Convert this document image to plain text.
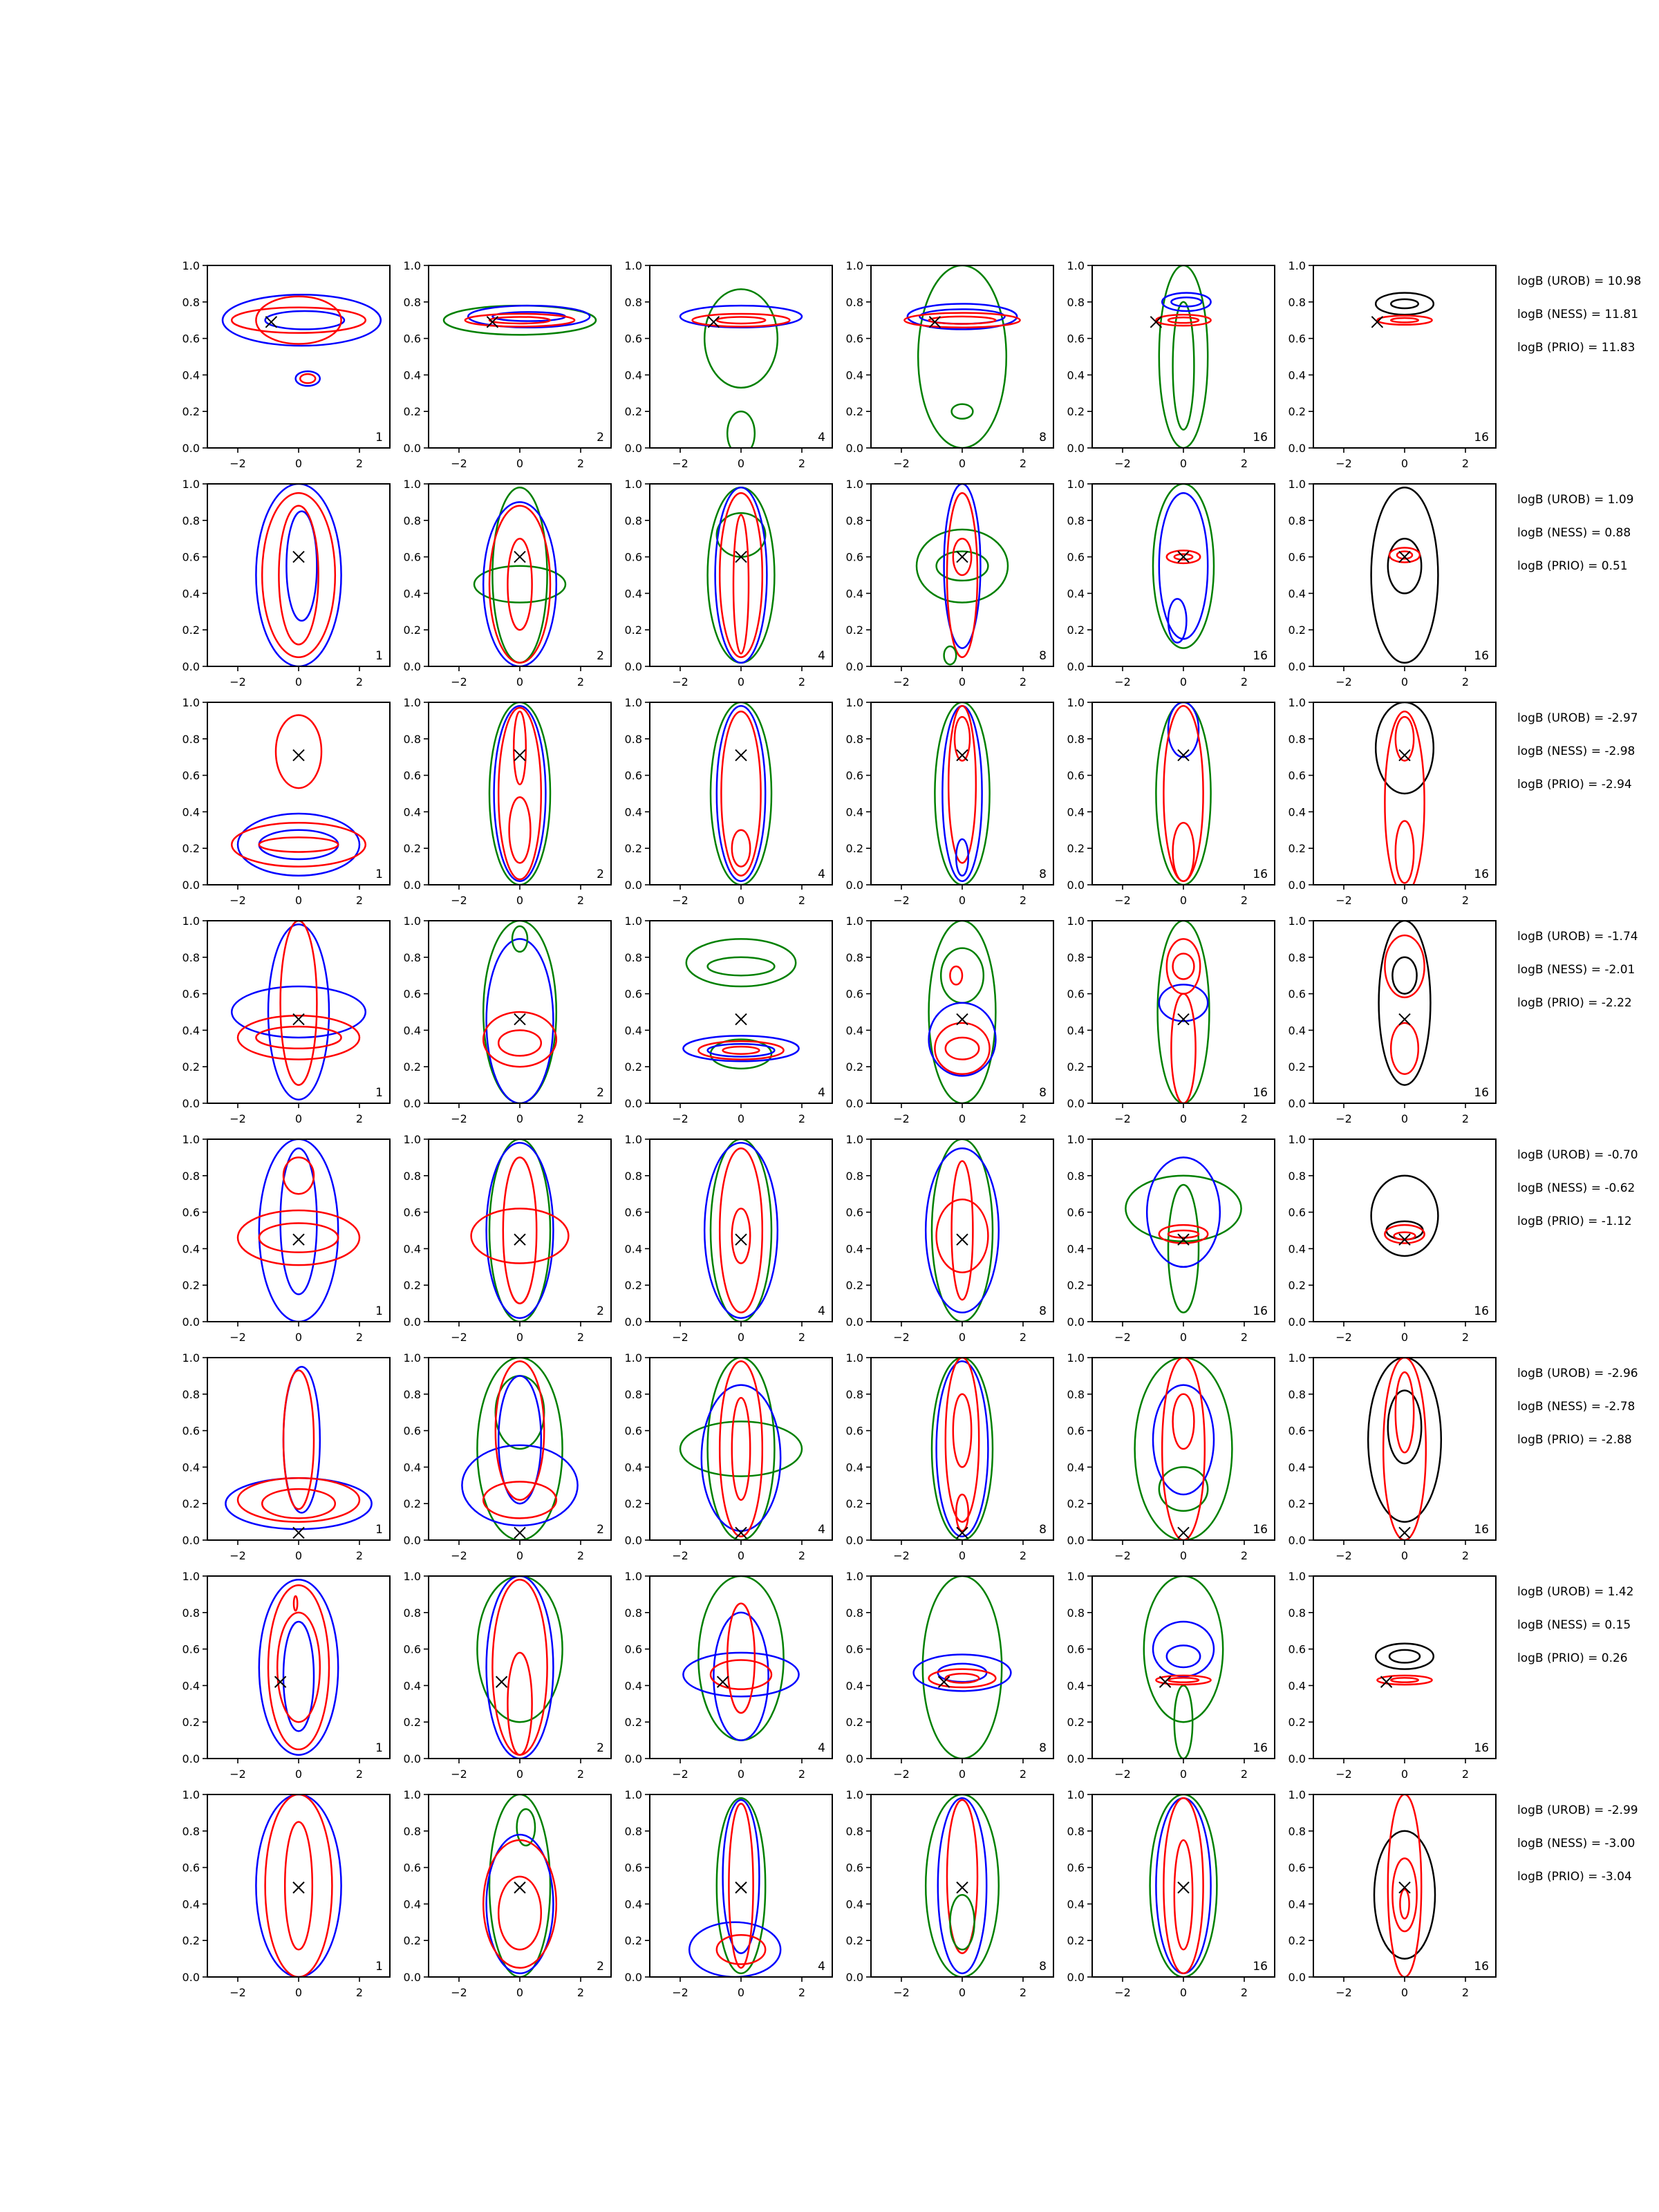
−2	0	2
0.0
0.2
0.4
0.6
0.8
1.0
1
−2	0	2
0.0
0.2
0.4
0.6
0.8
1.0
2
−2	0	2
0.0
0.2
0.4
0.6
0.8
1.0
4
−2	0	2
0.0
0.2
0.4
0.6
0.8
1.0
8
−2	0	2
0.0
0.2
0.4
0.6
0.8
1.0
16
−2	0	2
0.0
0.2
0.4
0.6
0.8
1.0
16
logB (UROB) = 10.98
logB (NESS) = 11.81
logB (PRIO) = 11.83
−2	0	2
0.0
0.2
0.4
0.6
0.8
1.0
1
−2	0	2
0.0
0.2
0.4
0.6
0.8
1.0
2
−2	0	2
0.0
0.2
0.4
0.6
0.8
1.0
4
−2	0	2
0.0
0.2
0.4
0.6
0.8
1.0
8
−2	0	2
0.0
0.2
0.4
0.6
0.8
1.0
16
−2	0	2
0.0
0.2
0.4
0.6
0.8
1.0
16
logB (UROB) = 1.09
logB (NESS) = 0.88
logB (PRIO) = 0.51
−2	0	2
0.0
0.2
0.4
0.6
0.8
1.0
1
−2	0	2
0.0
0.2
0.4
0.6
0.8
1.0
2
−2	0	2
0.0
0.2
0.4
0.6
0.8
1.0
4
−2	0	2
0.0
0.2
0.4
0.6
0.8
1.0
8
−2	0	2
0.0
0.2
0.4
0.6
0.8
1.0
16
−2	0	2
0.0
0.2
0.4
0.6
0.8
1.0
16
logB (UROB) = -2.97
logB (NESS) = -2.98
logB (PRIO) = -2.94
−2	0	2
0.0
0.2
0.4
0.6
0.8
1.0
1
−2	0	2
0.0
0.2
0.4
0.6
0.8
1.0
2
−2	0	2
0.0
0.2
0.4
0.6
0.8
1.0
4
−2	0	2
0.0
0.2
0.4
0.6
0.8
1.0
8
−2	0	2
0.0
0.2
0.4
0.6
0.8
1.0
16
−2	0	2
0.0
0.2
0.4
0.6
0.8
1.0
16
logB (UROB) = -1.74
logB (NESS) = -2.01
logB (PRIO) = -2.22
−2	0	2
0.0
0.2
0.4
0.6
0.8
1.0
1
−2	0	2
0.0
0.2
0.4
0.6
0.8
1.0
2
−2	0	2
0.0
0.2
0.4
0.6
0.8
1.0
4
−2	0	2
0.0
0.2
0.4
0.6
0.8
1.0
8
−2	0	2
0.0
0.2
0.4
0.6
0.8
1.0
16
−2	0	2
0.0
0.2
0.4
0.6
0.8
1.0
16
logB (UROB) = -0.70
logB (NESS) = -0.62
logB (PRIO) = -1.12
−2	0	2
0.0
0.2
0.4
0.6
0.8
1.0
1
−2	0	2
0.0
0.2
0.4
0.6
0.8
1.0
2
−2	0	2
0.0
0.2
0.4
0.6
0.8
1.0
4
−2	0	2
0.0
0.2
0.4
0.6
0.8
1.0
8
−2	0	2
0.0
0.2
0.4
0.6
0.8
1.0
16
−2	0	2
0.0
0.2
0.4
0.6
0.8
1.0
16
logB (UROB) = -2.96
logB (NESS) = -2.78
logB (PRIO) = -2.88
−2	0	2
0.0
0.2
0.4
0.6
0.8
1.0
1
−2	0	2
0.0
0.2
0.4
0.6
0.8
1.0
2
−2	0	2
0.0
0.2
0.4
0.6
0.8
1.0
4
−2	0	2
0.0
0.2
0.4
0.6
0.8
1.0
8
−2	0	2
0.0
0.2
0.4
0.6
0.8
1.0
16
−2	0	2
0.0
0.2
0.4
0.6
0.8
1.0
16
logB (UROB) = 1.42
logB (NESS) = 0.15
logB (PRIO) = 0.26
−2	0	2
0.0
0.2
0.4
0.6
0.8
1.0
1
−2	0	2
0.0
0.2
0.4
0.6
0.8
1.0
2
−2	0	2
0.0
0.2
0.4
0.6
0.8
1.0
4
−2	0	2
0.0
0.2
0.4
0.6
0.8
1.0
8
−2	0	2
0.0
0.2
0.4
0.6
0.8
1.0
16
−2	0	2
0.0
0.2
0.4
0.6
0.8
1.0
16
logB (UROB) = -2.99
logB (NESS) = -3.00
logB (PRIO) = -3.04
